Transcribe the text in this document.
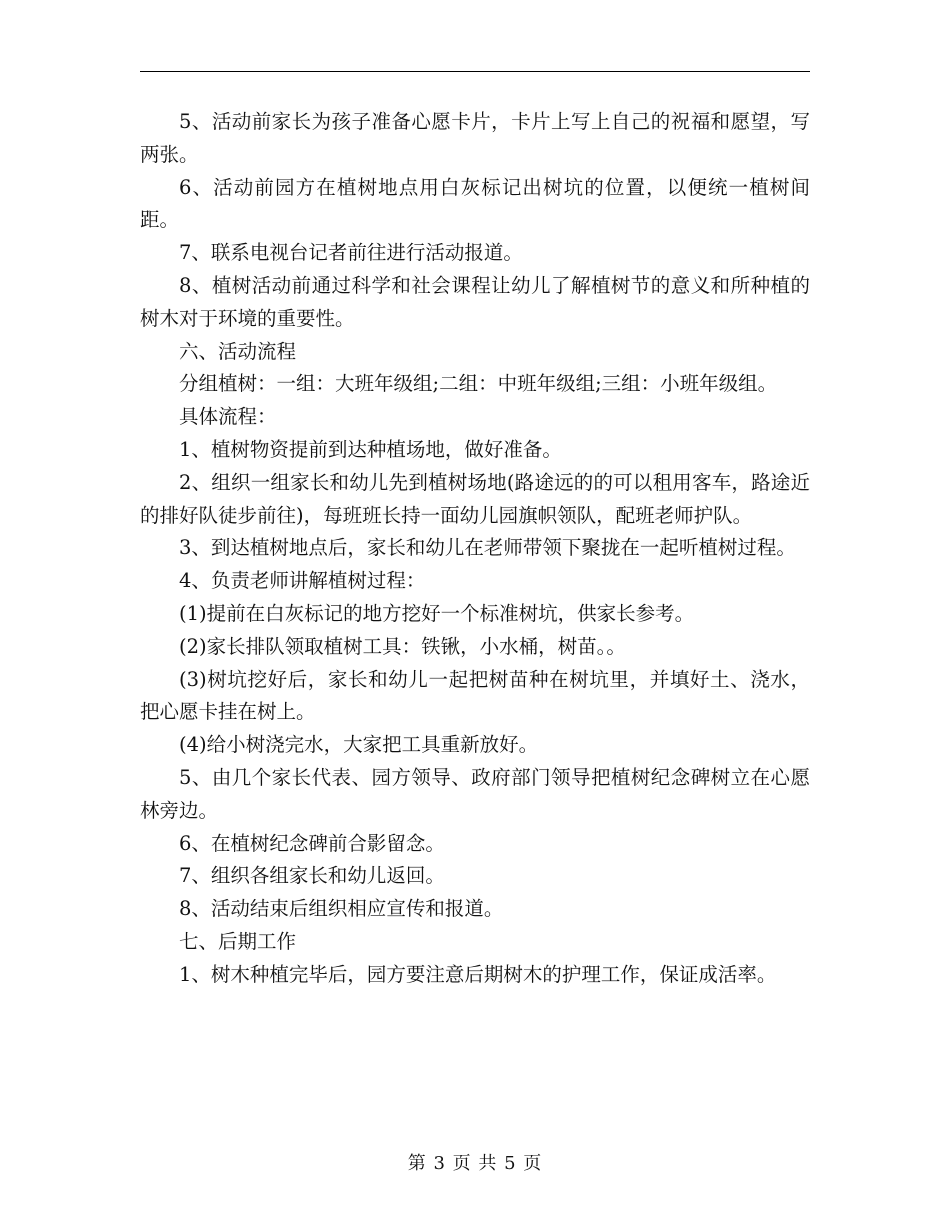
5、活动前家长为孩子准备心愿卡片，卡片上写上自己的祝福和愿望，写两张。

6、活动前园方在植树地点用白灰标记出树坑的位置，以便统一植树间距。

7、联系电视台记者前往进行活动报道。

8、植树活动前通过科学和社会课程让幼儿了解植树节的意义和所种植的树木对于环境的重要性。

六、活动流程

分组植树：一组：大班年级组;二组：中班年级组;三组：小班年级组。

具体流程：

1、植树物资提前到达种植场地，做好准备。

2、组织一组家长和幼儿先到植树场地(路途远的的可以租用客车，路途近的排好队徒步前往)，每班班长持一面幼儿园旗帜领队，配班老师护队。

3、到达植树地点后，家长和幼儿在老师带领下聚拢在一起听植树过程。

4、负责老师讲解植树过程：

(1)提前在白灰标记的地方挖好一个标准树坑，供家长参考。

(2)家长排队领取植树工具：铁锹，小水桶，树苗。。

(3)树坑挖好后，家长和幼儿一起把树苗种在树坑里，并填好土、浇水，把心愿卡挂在树上。

(4)给小树浇完水，大家把工具重新放好。

5、由几个家长代表、园方领导、政府部门领导把植树纪念碑树立在心愿林旁边。

6、在植树纪念碑前合影留念。

7、组织各组家长和幼儿返回。

8、活动结束后组织相应宣传和报道。

七、后期工作

1、树木种植完毕后，园方要注意后期树木的护理工作，保证成活率。

第 3 页 共 5 页
